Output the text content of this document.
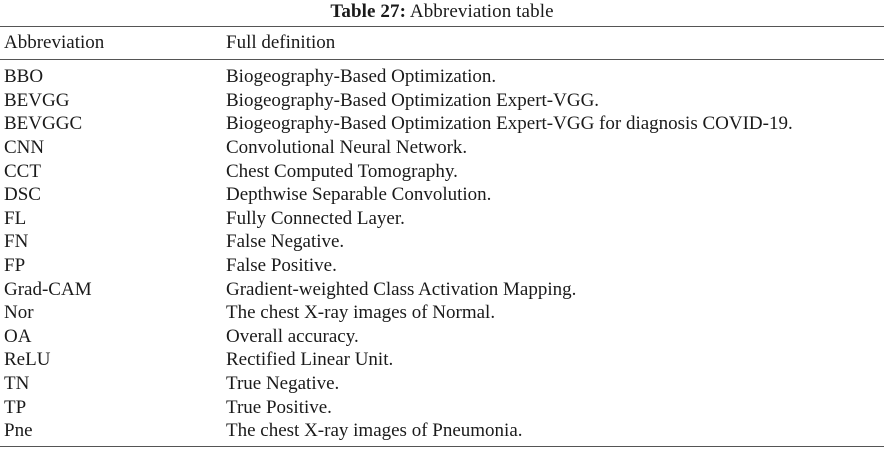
Table 27: Abbreviation table
Abbreviation	Full definition
BBO	Biogeography-Based Optimization.
BEVGG	Biogeography-Based Optimization Expert-VGG.
BEVGGC	Biogeography-Based Optimization Expert-VGG for diagnosis COVID-19.
CNN	Convolutional Neural Network.
CCT	Chest Computed Tomography.
DSC	Depthwise Separable Convolution.
FL	Fully Connected Layer.
FN	False Negative.
FP	False Positive.
Grad-CAM	Gradient-weighted Class Activation Mapping.
Nor	The chest X-ray images of Normal.
OA	Overall accuracy.
ReLU	Rectified Linear Unit.
TN	True Negative.
TP	True Positive.
Pne	The chest X-ray images of Pneumonia.
